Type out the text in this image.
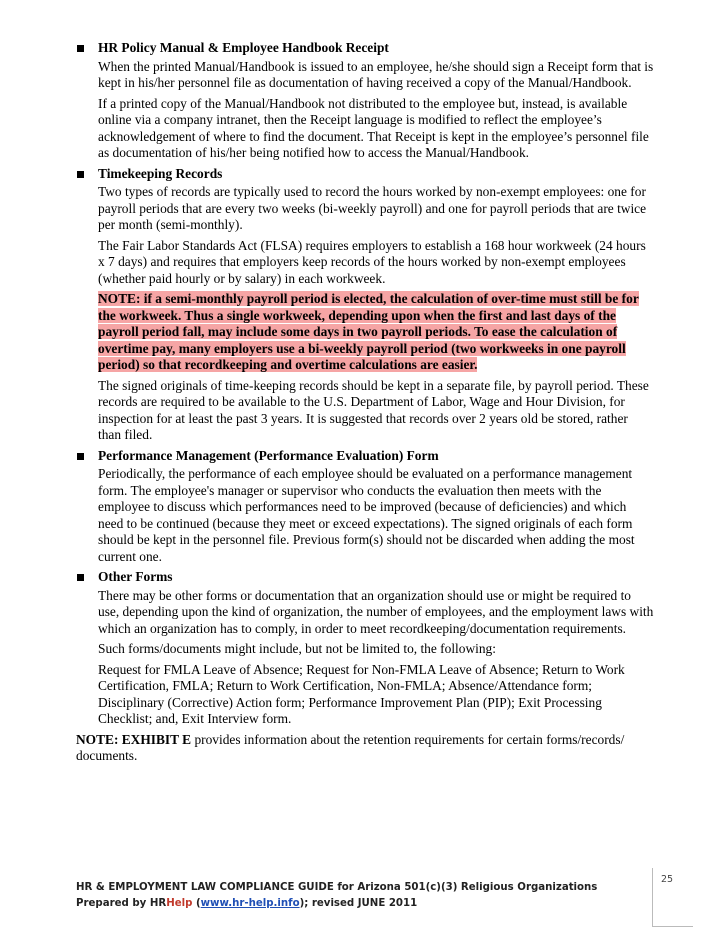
HR Policy Manual & Employee Handbook Receipt
When the printed Manual/Handbook is issued to an employee, he/she should sign a Receipt form that is kept in his/her personnel file as documentation of having received a copy of the Manual/Handbook.
If a printed copy of the Manual/Handbook not distributed to the employee but, instead, is available online via a company intranet, then the Receipt language is modified to reflect the employee’s acknowledgement of where to find the document. That Receipt is kept in the employee’s personnel file as documentation of his/her being notified how to access the Manual/Handbook.
Timekeeping Records
Two types of records are typically used to record the hours worked by non-exempt employees: one for payroll periods that are every two weeks (bi-weekly payroll) and one for payroll periods that are twice per month (semi-monthly).
The Fair Labor Standards Act (FLSA) requires employers to establish a 168 hour workweek (24 hours x 7 days) and requires that employers keep records of the hours worked by non-exempt employees (whether paid hourly or by salary) in each workweek.
NOTE: if a semi-monthly payroll period is elected, the calculation of over-time must still be for the workweek. Thus a single workweek, depending upon when the first and last days of the payroll period fall, may include some days in two payroll periods. To ease the calculation of overtime pay, many employers use a bi-weekly payroll period (two workweeks in one payroll period) so that recordkeeping and overtime calculations are easier.
The signed originals of time-keeping records should be kept in a separate file, by payroll period. These records are required to be available to the U.S. Department of Labor, Wage and Hour Division, for inspection for at least the past 3 years. It is suggested that records over 2 years old be stored, rather than filed.
Performance Management (Performance Evaluation) Form
Periodically, the performance of each employee should be evaluated on a performance management form. The employee's manager or supervisor who conducts the evaluation then meets with the employee to discuss which performances need to be improved (because of deficiencies) and which need to be continued (because they meet or exceed expectations). The signed originals of each form should be kept in the personnel file. Previous form(s) should not be discarded when adding the most current one.
Other Forms
There may be other forms or documentation that an organization should use or might be required to use, depending upon the kind of organization, the number of employees, and the employment laws with which an organization has to comply, in order to meet recordkeeping/documentation requirements.
Such forms/documents might include, but not be limited to, the following:
Request for FMLA Leave of Absence; Request for Non-FMLA Leave of Absence; Return to Work Certification, FMLA; Return to Work Certification, Non-FMLA; Absence/Attendance form; Disciplinary (Corrective) Action form; Performance Improvement Plan (PIP); Exit Processing Checklist; and, Exit Interview form.
NOTE: EXHIBIT E provides information about the retention requirements for certain forms/records/ documents.
HR & EMPLOYMENT LAW COMPLIANCE GUIDE for Arizona 501(c)(3) Religious Organizations
Prepared by HRHelp (www.hr-help.info); revised JUNE 2011
25
